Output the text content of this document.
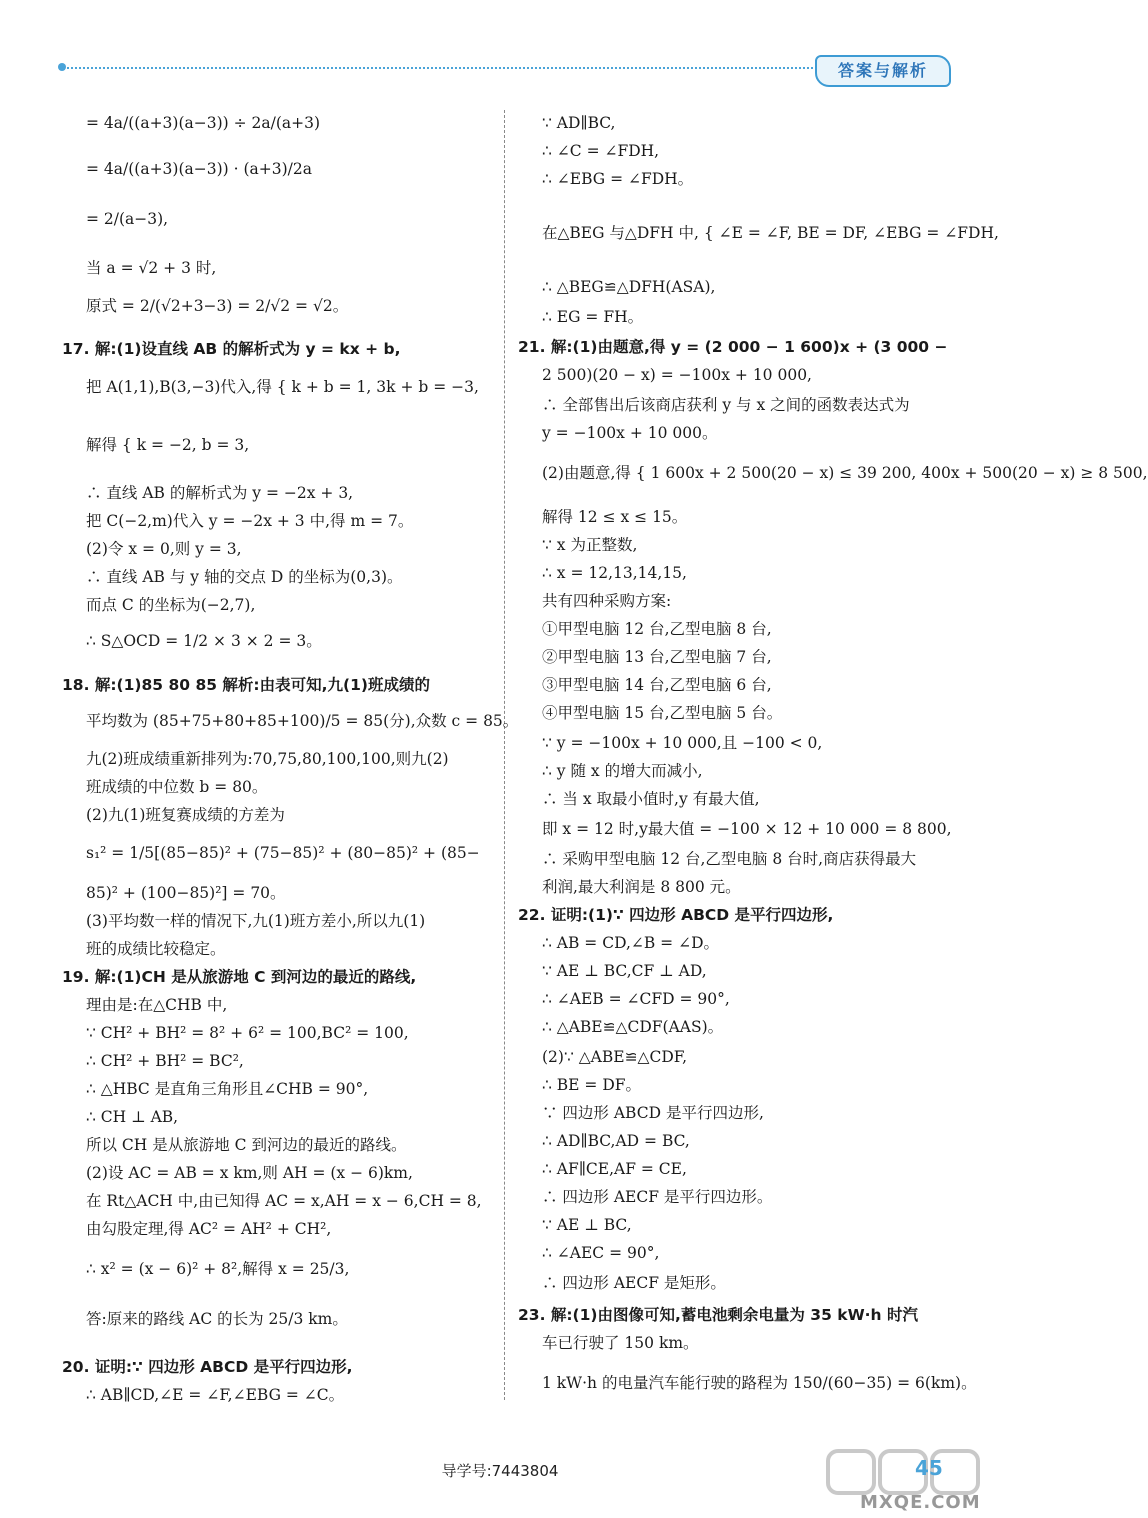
答案与解析
= 4a/((a+3)(a−3)) ÷ 2a/(a+3)
= 4a/((a+3)(a−3)) · (a+3)/2a
= 2/(a−3),
当 a = √2 + 3 时,
原式 = 2/(√2+3−3) = 2/√2 = √2。
17. 解:(1)设直线 AB 的解析式为 y = kx + b,
把 A(1,1),B(3,−3)代入,得 { k + b = 1, 3k + b = −3,
解得 { k = −2, b = 3,
∴ 直线 AB 的解析式为 y = −2x + 3,
把 C(−2,m)代入 y = −2x + 3 中,得 m = 7。
(2)令 x = 0,则 y = 3,
∴ 直线 AB 与 y 轴的交点 D 的坐标为(0,3)。
而点 C 的坐标为(−2,7),
∴ S△OCD = 1/2 × 3 × 2 = 3。
18. 解:(1)85 80 85 解析:由表可知,九(1)班成绩的
平均数为 (85+75+80+85+100)/5 = 85(分),众数 c = 85。
九(2)班成绩重新排列为:70,75,80,100,100,则九(2)
班成绩的中位数 b = 80。
(2)九(1)班复赛成绩的方差为
s₁² = 1/5[(85−85)² + (75−85)² + (80−85)² + (85−
85)² + (100−85)²] = 70。
(3)平均数一样的情况下,九(1)班方差小,所以九(1)
班的成绩比较稳定。
19. 解:(1)CH 是从旅游地 C 到河边的最近的路线,
理由是:在△CHB 中,
∵ CH² + BH² = 8² + 6² = 100,BC² = 100,
∴ CH² + BH² = BC²,
∴ △HBC 是直角三角形且∠CHB = 90°,
∴ CH ⊥ AB,
所以 CH 是从旅游地 C 到河边的最近的路线。
(2)设 AC = AB = x km,则 AH = (x − 6)km,
在 Rt△ACH 中,由已知得 AC = x,AH = x − 6,CH = 8,
由勾股定理,得 AC² = AH² + CH²,
∴ x² = (x − 6)² + 8²,解得 x = 25/3,
答:原来的路线 AC 的长为 25/3 km。
20. 证明:∵ 四边形 ABCD 是平行四边形,
∴ AB∥CD,∠E = ∠F,∠EBG = ∠C。
∵ AD∥BC,
∴ ∠C = ∠FDH,
∴ ∠EBG = ∠FDH。
在△BEG 与△DFH 中, { ∠E = ∠F, BE = DF, ∠EBG = ∠FDH,
∴ △BEG≌△DFH(ASA),
∴ EG = FH。
21. 解:(1)由题意,得 y = (2 000 − 1 600)x + (3 000 −
2 500)(20 − x) = −100x + 10 000,
∴ 全部售出后该商店获利 y 与 x 之间的函数表达式为
y = −100x + 10 000。
(2)由题意,得 { 1 600x + 2 500(20 − x) ≤ 39 200, 400x + 500(20 − x) ≥ 8 500,
解得 12 ≤ x ≤ 15。
∵ x 为正整数,
∴ x = 12,13,14,15,
共有四种采购方案:
①甲型电脑 12 台,乙型电脑 8 台,
②甲型电脑 13 台,乙型电脑 7 台,
③甲型电脑 14 台,乙型电脑 6 台,
④甲型电脑 15 台,乙型电脑 5 台。
∵ y = −100x + 10 000,且 −100 < 0,
∴ y 随 x 的增大而减小,
∴ 当 x 取最小值时,y 有最大值,
即 x = 12 时,y最大值 = −100 × 12 + 10 000 = 8 800,
∴ 采购甲型电脑 12 台,乙型电脑 8 台时,商店获得最大
利润,最大利润是 8 800 元。
22. 证明:(1)∵ 四边形 ABCD 是平行四边形,
∴ AB = CD,∠B = ∠D。
∵ AE ⊥ BC,CF ⊥ AD,
∴ ∠AEB = ∠CFD = 90°,
∴ △ABE≌△CDF(AAS)。
(2)∵ △ABE≌△CDF,
∴ BE = DF。
∵ 四边形 ABCD 是平行四边形,
∴ AD∥BC,AD = BC,
∴ AF∥CE,AF = CE,
∴ 四边形 AECF 是平行四边形。
∵ AE ⊥ BC,
∴ ∠AEC = 90°,
∴ 四边形 AECF 是矩形。
23. 解:(1)由图像可知,蓄电池剩余电量为 35 kW·h 时汽
车已行驶了 150 km。
1 kW·h 的电量汽车能行驶的路程为 150/(60−35) = 6(km)。
导学号:7443804	45
MXQE.COM
